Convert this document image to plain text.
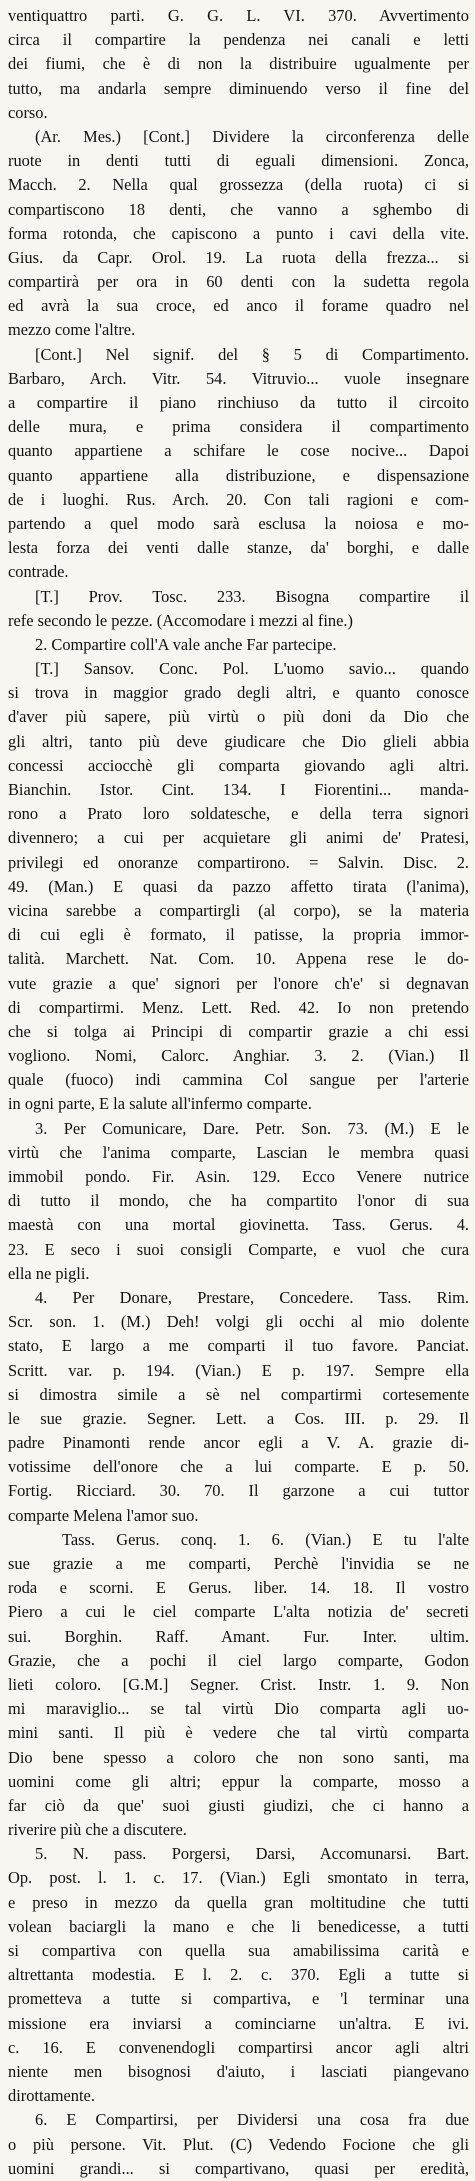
ventiquattro parti. G. G. L. VI. 370. Avvertimento
circa il compartire la pendenza nei canali e letti
dei fiumi, che è di non la distribuire ugualmente per
tutto, ma andarla sempre diminuendo verso il fine del
corso.
(Ar. Mes.) [Cont.] Dividere la circonferenza delle
ruote in denti tutti di eguali dimensioni. Zonca,
Macch. 2. Nella qual grossezza (della ruota) ci si
compartiscono 18 denti, che vanno a sghembo di
forma rotonda, che capiscono a punto i cavi della vite.
Gius. da Capr. Orol. 19. La ruota della frezza... si
compartirà per ora in 60 denti con la sudetta regola
ed avrà la sua croce, ed anco il forame quadro nel
mezzo come l'altre.
[Cont.] Nel signif. del § 5 di Compartimento.
Barbaro, Arch. Vitr. 54. Vitruvio... vuole insegnare
a compartire il piano rinchiuso da tutto il circoito
delle mura, e prima considera il compartimento
quanto appartiene a schifare le cose nocive... Dapoi
quanto appartiene alla distribuzione, e dispensazione
de i luoghi. Rus. Arch. 20. Con tali ragioni e com-
partendo a quel modo sarà esclusa la noiosa e mo-
lesta forza dei venti dalle stanze, da' borghi, e dalle
contrade.
[T.] Prov. Tosc. 233. Bisogna compartire il
refe secondo le pezze. (Accomodare i mezzi al fine.)
2. Compartire coll'A vale anche Far partecipe.
[T.] Sansov. Conc. Pol. L'uomo savio... quando
si trova in maggior grado degli altri, e quanto conosce
d'aver più sapere, più virtù o più doni da Dio che
gli altri, tanto più deve giudicare che Dio glieli abbia
concessi acciocchè gli comparta giovando agli altri.
Bianchin. Istor. Cint. 134. I Fiorentini... manda-
rono a Prato loro soldatesche, e della terra signori
divennero; a cui per acquietare gli animi de' Pratesi,
privilegi ed onoranze compartirono. = Salvin. Disc. 2.
49. (Man.) E quasi da pazzo affetto tirata (l'anima),
vicina sarebbe a compartirgli (al corpo), se la materia
di cui egli è formato, il patisse, la propria immor-
talità. Marchett. Nat. Com. 10. Appena rese le do-
vute grazie a que' signori per l'onore ch'e' si degnavan
di compartirmi. Menz. Lett. Red. 42. Io non pretendo
che si tolga ai Principi di compartir grazie a chi essi
vogliono. Nomi, Calorc. Anghiar. 3. 2. (Vian.) Il
quale (fuoco) indi cammina Col sangue per l'arterie
in ogni parte, E la salute all'infermo comparte.
3. Per Comunicare, Dare. Petr. Son. 73. (M.) E le
virtù che l'anima comparte, Lascian le membra quasi
immobil pondo. Fir. Asin. 129. Ecco Venere nutrice
di tutto il mondo, che ha compartito l'onor di sua
maestà con una mortal giovinetta. Tass. Gerus. 4.
23. E seco i suoi consigli Comparte, e vuol che cura
ella ne pigli.
4. Per Donare, Prestare, Concedere. Tass. Rim.
Scr. son. 1. (M.) Deh! volgi gli occhi al mio dolente
stato, E largo a me comparti il tuo favore. Panciat.
Scritt. var. p. 194. (Vian.) E p. 197. Sempre ella
si dimostra simile a sè nel compartirmi cortesemente
le sue grazie. Segner. Lett. a Cos. III. p. 29. Il
padre Pinamonti rende ancor egli a V. A. grazie di-
votissime dell'onore che a lui comparte. E p. 50.
Fortig. Ricciard. 30. 70. Il garzone a cui tuttor
comparte Melena l'amor suo.
Tass. Gerus. conq. 1. 6. (Vian.) E tu l'alte
sue grazie a me comparti, Perchè l'invidia se ne
roda e scorni. E Gerus. liber. 14. 18. Il vostro
Piero a cui le ciel comparte L'alta notizia de' secreti
sui. Borghin. Raff. Amant. Fur. Inter. ultim.
Grazie, che a pochi il ciel largo comparte, Godon
lieti coloro. [G.M.] Segner. Crist. Instr. 1. 9. Non
mi maraviglio... se tal virtù Dio comparta agli uo-
mini santi. Il più è vedere che tal virtù comparta
Dio bene spesso a coloro che non sono santi, ma
uomini come gli altri; eppur la comparte, mosso a
far ciò da que' suoi giusti giudizi, che ci hanno a
riverire più che a discutere.
5. N. pass. Porgersi, Darsi, Accomunarsi. Bart.
Op. post. l. 1. c. 17. (Vian.) Egli smontato in terra,
e preso in mezzo da quella gran moltitudine che tutti
volean baciargli la mano e che li benedicesse, a tutti
si compartiva con quella sua amabilissima carità e
altrettanta modestia. E l. 2. c. 370. Egli a tutte si
prometteva a tutte si compartiva, e 'l terminar una
missione era inviarsi a cominciarne un'altra. E ivi.
c. 16. E convenendogli compartirsi ancor agli altri
niente men bisognosi d'aiuto, i lasciati piangevano
dirottamente.
6. E Compartirsi, per Dividersi una cosa fra due
o più persone. Vit. Plut. (C) Vedendo Focione che gli
uomini grandi... si compartivano, quasi per eredità,
